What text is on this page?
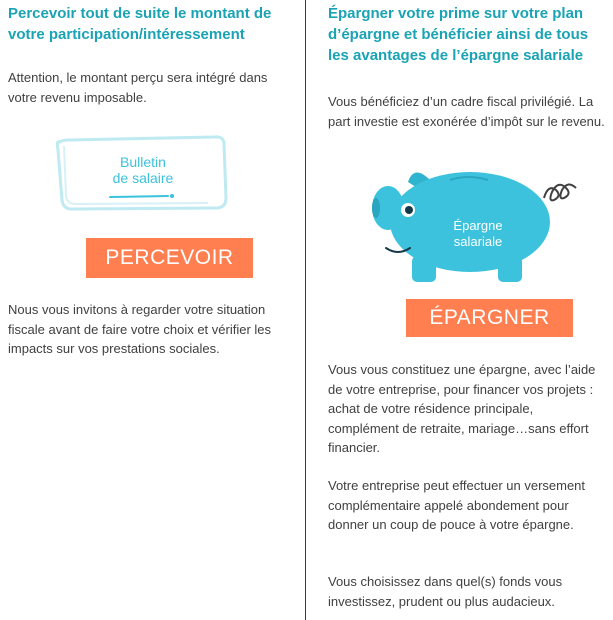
Percevoir tout de suite le montant de votre participation/intéressement

Attention, le montant perçu sera intégré dans votre revenu imposable.

Bulletin
de salaire
PERCEVOIR

Nous vous invitons à regarder votre situation fiscale avant de faire votre choix et vérifier les impacts sur vos prestations sociales.

Épargner votre prime sur votre plan d’épargne et bénéficier ainsi de tous les avantages de l’épargne salariale

Vous bénéficiez d’un cadre fiscal privilégié. La part investie est exonérée d’impôt sur le revenu.

Épargne
salariale
ÉPARGNER

Vous vous constituez une épargne, avec l’aide de votre entreprise, pour financer vos projets : achat de votre résidence principale, complément de retraite, mariage…sans effort financier.

Votre entreprise peut effectuer un versement complémentaire appelé abondement pour donner un coup de pouce à votre épargne.

Vous choisissez dans quel(s) fonds vous investissez, prudent ou plus audacieux.
